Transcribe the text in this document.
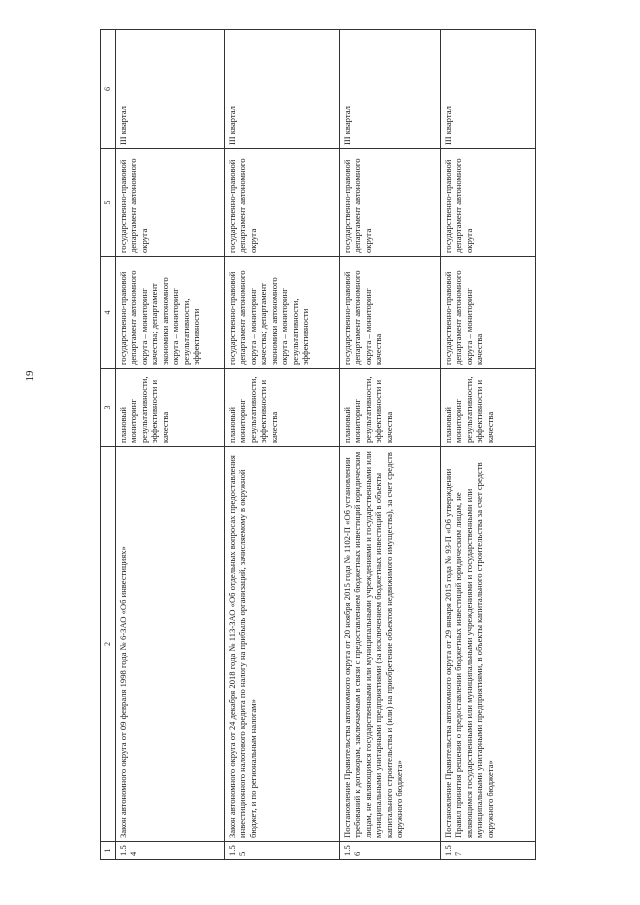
19
1	2	3	4	5	6
1.54	Закон автономного округа от 09 февраля 1998 года № 6-ЗАО «Об инвестициях»	плановый мониторинг результативности, эффективности и качества	государственно-правовой департамент автономного округа – мониторинг качества; департамент экономики автономного округа – мониторинг результативности, эффективности	государственно-правовой департамент автономного округа	III квартал
1.55	Закон автономного округа от 24 декабря 2018 года № 113-ЗАО «Об отдельных вопросах предоставления инвестиционного налогового кредита по налогу на прибыль организаций, зачисляемому в окружной бюджет, и по региональным налогам»	плановый мониторинг результативности, эффективности и качества	государственно-правовой департамент автономного округа – мониторинг качества; департамент экономики автономного округа – мониторинг результативности, эффективности	государственно-правовой департамент автономного округа	III квартал
1.56	Постановление Правительства автономного округа от 20 ноября 2015 года № 1102-П «Об установлении требований к договорам, заключаемым в связи с предоставлением бюджетных инвестиций юридическим лицам, не являющимся государственными или муниципальными учреждениями и государственными или муниципальными унитарными предприятиями (за исключением бюджетных инвестиций в объекты капитального строительства и (или) на приобретение объектов недвижимого имущества), за счет средств окружного бюджета»	плановый мониторинг результативности, эффективности и качества	государственно-правовой департамент автономного округа – мониторинг качества	государственно-правовой департамент автономного округа	III квартал
1.57	Постановление Правительства автономного округа от 29 января 2015 года № 93-П «Об утверждении Правил принятия решения о предоставлении бюджетных инвестиций юридическим лицам, не являющимся государственными или муниципальными учреждениями и государственными или муниципальными унитарными предприятиями, в объекты капитального строительства за счет средств окружного бюджета»	плановый мониторинг результативности, эффективности и качества	государственно-правовой департамент автономного округа – мониторинг качества	государственно-правовой департамент автономного округа	III квартал
